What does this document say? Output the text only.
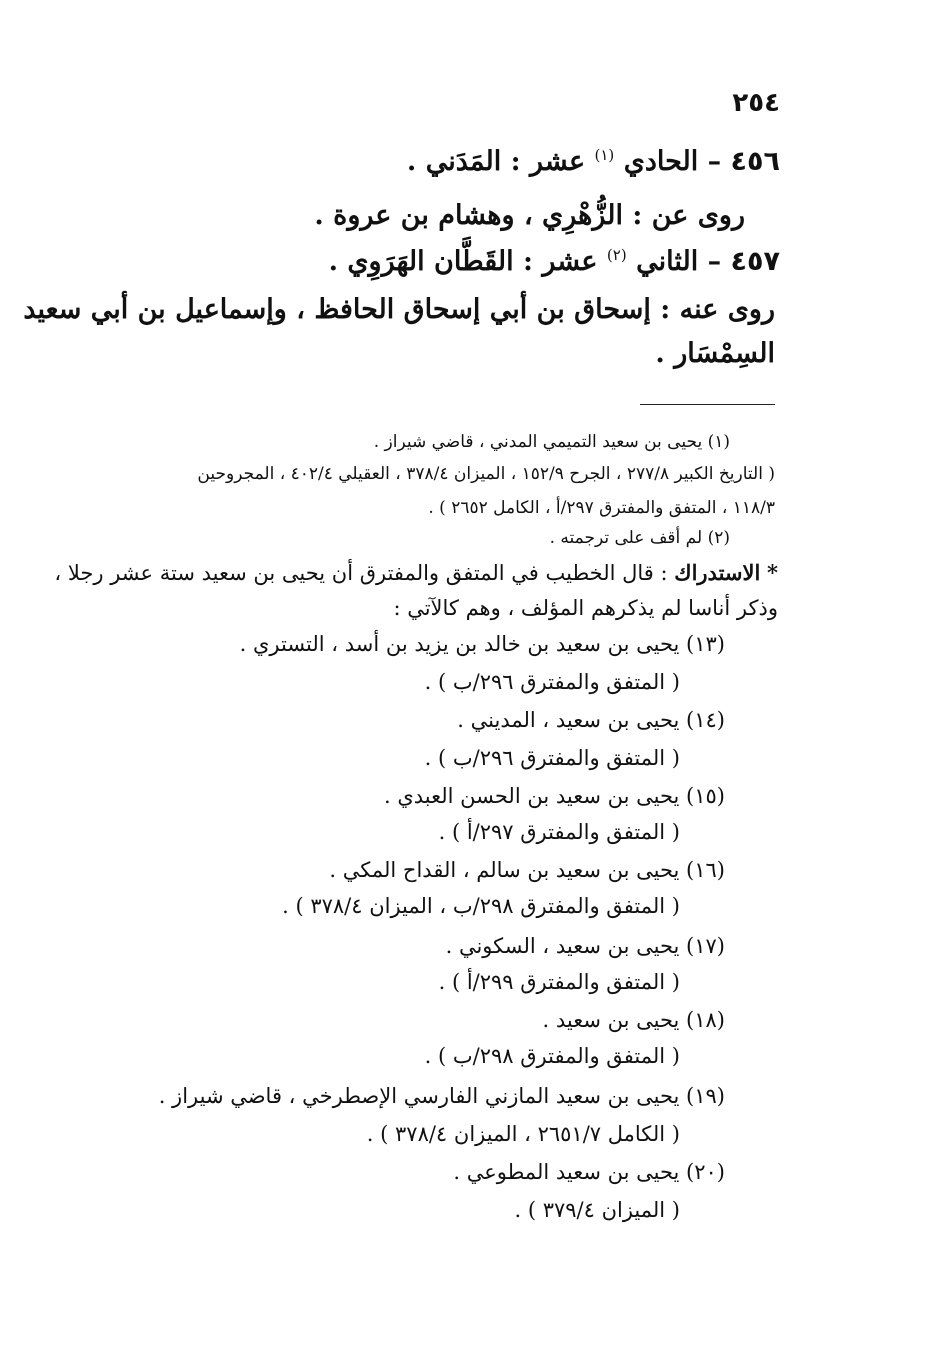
٢٥٤
٤٥٦ – الحادي $^{(١)}$ عشر : المَدَني .
روى عن : الزُّهْرِي ، وهشام بن عروة .
٤٥٧ – الثاني $^{(٢)}$ عشر : القَطَّان الهَرَوِي .
روى عنه : إسحاق بن أبي إسحاق الحافظ ، وإسماعيل بن أبي سعيد
السِمْسَار .
(١) يحيى بن سعيد التميمي المدني ، قاضي شيراز .
( التاريخ الكبير ٢٧٧/٨ ، الجرح ١٥٢/٩ ، الميزان ٣٧٨/٤ ، العقيلي ٤٠٢/٤ ، المجروحين
١١٨/٣ ، المتفق والمفترق ٢٩٧/أ ، الكامل ٢٦٥٢ ) .
(٢) لم أقف على ترجمته .
* الاستدراك : قال الخطيب في المتفق والمفترق أن يحيى بن سعيد ستة عشر رجلا ،
وذكر أناسا لم يذكرهم المؤلف ، وهم كالآتي :
(١٣) يحيى بن سعيد بن خالد بن يزيد بن أسد ، التستري .
( المتفق والمفترق ٢٩٦/ب ) .
(١٤) يحيى بن سعيد ، المديني .
( المتفق والمفترق ٢٩٦/ب ) .
(١٥) يحيى بن سعيد بن الحسن العبدي .
( المتفق والمفترق ٢٩٧/أ ) .
(١٦) يحيى بن سعيد بن سالم ، القداح المكي .
( المتفق والمفترق ٢٩٨/ب ، الميزان ٣٧٨/٤ ) .
(١٧) يحيى بن سعيد ، السكوني .
( المتفق والمفترق ٢٩٩/أ ) .
(١٨) يحيى بن سعيد .
( المتفق والمفترق ٢٩٨/ب ) .
(١٩) يحيى بن سعيد المازني الفارسي الإصطرخي ، قاضي شيراز .
( الكامل ٢٦٥١/٧ ، الميزان ٣٧٨/٤ ) .
(٢٠) يحيى بن سعيد المطوعي .
( الميزان ٣٧٩/٤ ) .
